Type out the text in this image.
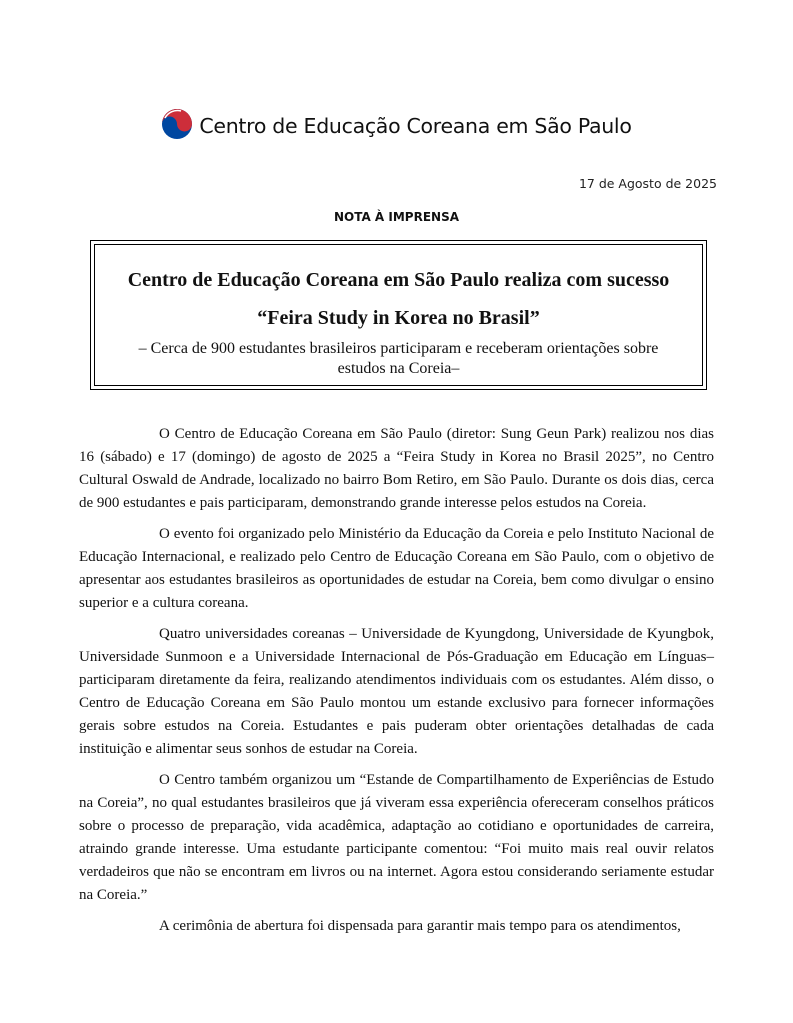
Centro de Educação Coreana em São Paulo
17 de Agosto de 2025
NOTA À IMPRENSA

Centro de Educação Coreana em São Paulo realiza com sucesso

“Feira Study in Korea no Brasil”

– Cerca de 900 estudantes brasileiros participaram e receberam orientações sobre estudos na Coreia–

O Centro de Educação Coreana em São Paulo (diretor: Sung Geun Park) realizou nos dias 16 (sábado) e 17 (domingo) de agosto de 2025 a “Feira Study in Korea no Brasil 2025”, no Centro Cultural Oswald de Andrade, localizado no bairro Bom Retiro, em São Paulo. Durante os dois dias, cerca de 900 estudantes e pais participaram, demonstrando grande interesse pelos estudos na Coreia.

O evento foi organizado pelo Ministério da Educação da Coreia e pelo Instituto Nacional de Educação Internacional, e realizado pelo Centro de Educação Coreana em São Paulo, com o objetivo de apresentar aos estudantes brasileiros as oportunidades de estudar na Coreia, bem como divulgar o ensino superior e a cultura coreana.

Quatro universidades coreanas – Universidade de Kyungdong, Universidade de Kyungbok, Universidade Sunmoon e a Universidade Internacional de Pós-Graduação em Educação em Línguas– participaram diretamente da feira, realizando atendimentos individuais com os estudantes. Além disso, o Centro de Educação Coreana em São Paulo montou um estande exclusivo para fornecer informações gerais sobre estudos na Coreia. Estudantes e pais puderam obter orientações detalhadas de cada instituição e alimentar seus sonhos de estudar na Coreia.

O Centro também organizou um “Estande de Compartilhamento de Experiências de Estudo na Coreia”, no qual estudantes brasileiros que já viveram essa experiência ofereceram conselhos práticos sobre o processo de preparação, vida acadêmica, adaptação ao cotidiano e oportunidades de carreira, atraindo grande interesse. Uma estudante participante comentou: “Foi muito mais real ouvir relatos verdadeiros que não se encontram em livros ou na internet. Agora estou considerando seriamente estudar na Coreia.”

A cerimônia de abertura foi dispensada para garantir mais tempo para os atendimentos,
